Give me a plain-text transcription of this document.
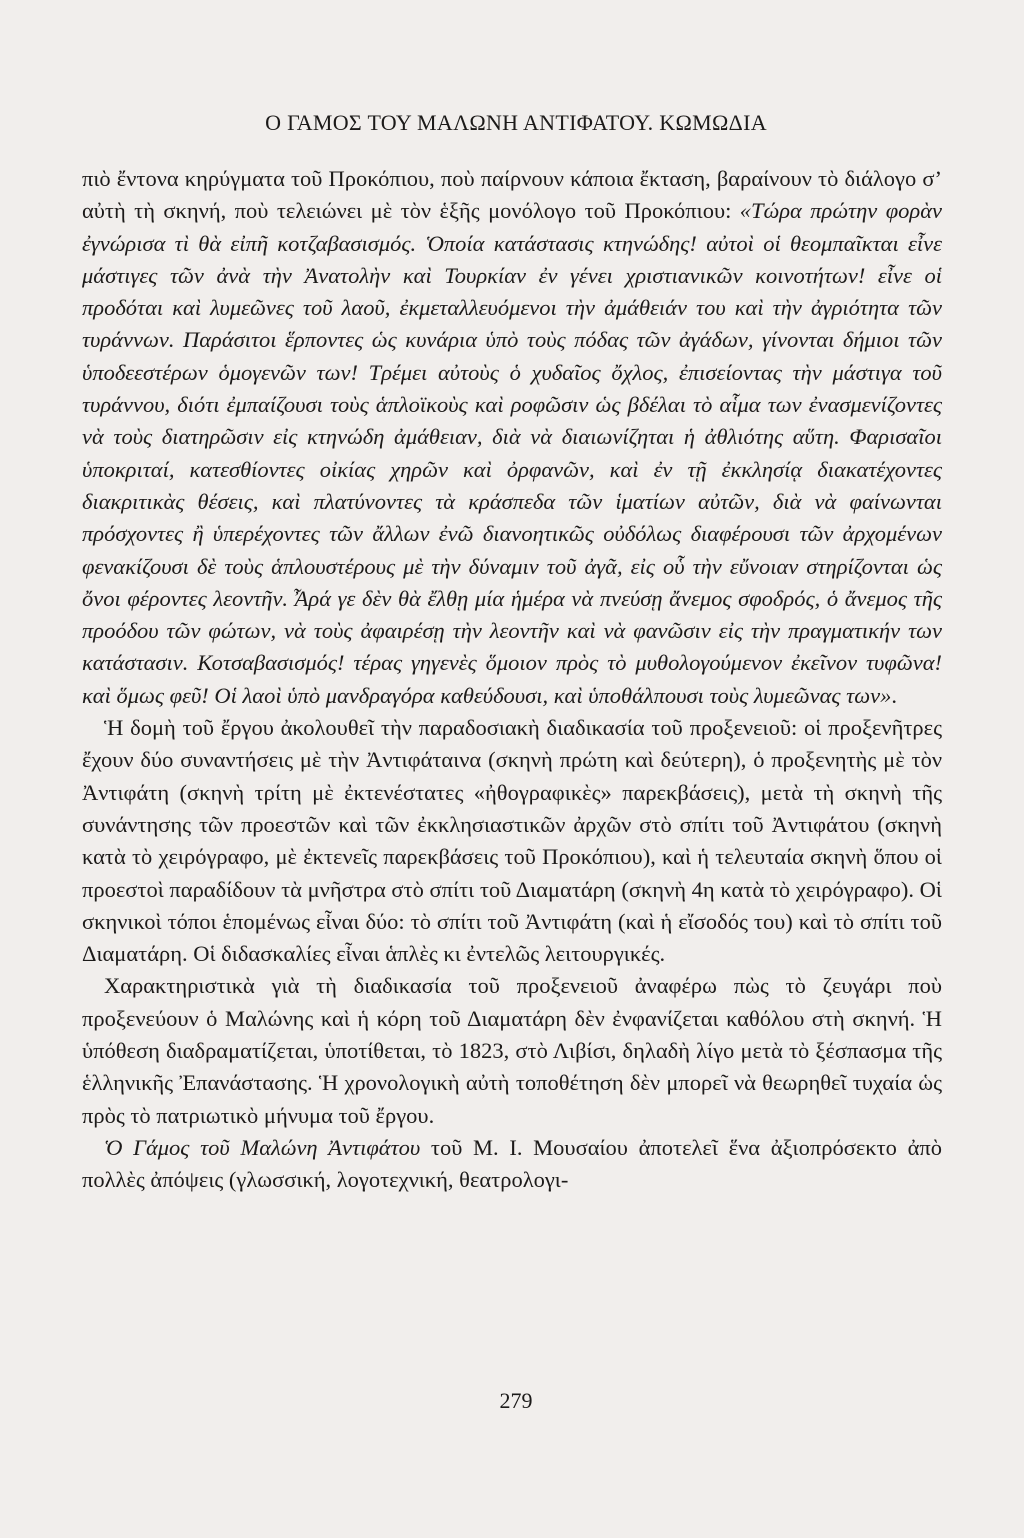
Ο ΓΑΜΟΣ ΤΟΥ ΜΑΛΩΝΗ ΑΝΤΙΦΑΤΟΥ. ΚΩΜΩΔΙΑ

πιὸ ἔντονα κηρύγματα τοῦ Προκόπιου, ποὺ παίρνουν κάποια ἔκταση, βαραίνουν τὸ διάλογο σ’ αὐτὴ τὴ σκηνή, ποὺ τελειώνει μὲ τὸν ἑξῆς μονόλογο τοῦ Προκόπιου: «Τώρα πρώτην φορὰν ἐγνώρισα τὶ θὰ εἰπῆ κοτζαβασισμός. Ὁποία κατάστασις κτηνώδης! αὐτοὶ οἱ θεομπαῖκται εἶνε μάστιγες τῶν ἀνὰ τὴν Ἀνατολὴν καὶ Τουρκίαν ἐν γένει χριστιανικῶν κοινοτήτων! εἶνε οἱ προδόται καὶ λυμεῶνες τοῦ λαοῦ, ἐκμεταλλευόμενοι τὴν ἀμάθειάν του καὶ τὴν ἀγριότητα τῶν τυράννων. Παράσιτοι ἕρποντες ὡς κυνάρια ὑπὸ τοὺς πόδας τῶν ἀγάδων, γίνονται δήμιοι τῶν ὑποδεεστέρων ὁμογενῶν των! Τρέμει αὐτοὺς ὁ χυδαῖος ὄχλος, ἐπισείοντας τὴν μάστιγα τοῦ τυράννου, διότι ἐμπαίζουσι τοὺς ἁπλοϊκοὺς καὶ ροφῶσιν ὡς βδέλαι τὸ αἷμα των ἐνασμενίζοντες νὰ τοὺς διατηρῶσιν εἰς κτηνώδη ἀμάθειαν, διὰ νὰ διαιωνίζηται ἡ ἀθλιότης αὕτη. Φαρισαῖοι ὑποκριταί, κατεσθίοντες οἰκίας χηρῶν καὶ ὀρφανῶν, καὶ ἐν τῇ ἐκκλησίᾳ διακατέχοντες διακριτικὰς θέσεις, καὶ πλατύνοντες τὰ κράσπεδα τῶν ἱματίων αὐτῶν, διὰ νὰ φαίνωνται πρόσχοντες ἢ ὑπερέχοντες τῶν ἄλλων ἐνῶ διανοητικῶς οὐδόλως διαφέρουσι τῶν ἀρχομένων φενακίζουσι δὲ τοὺς ἁπλουστέρους μὲ τὴν δύναμιν τοῦ ἀγᾶ, εἰς οὗ τὴν εὔνοιαν στηρίζονται ὡς ὄνοι φέροντες λεοντῆν. Ἆρά γε δὲν θὰ ἔλθῃ μία ἡμέρα νὰ πνεύσῃ ἄνεμος σφοδρός, ὁ ἄνεμος τῆς προόδου τῶν φώτων, νὰ τοὺς ἀφαιρέσῃ τὴν λεοντῆν καὶ νὰ φανῶσιν εἰς τὴν πραγματικήν των κατάστασιν. Κοτσαβασισμός! τέρας γηγενὲς ὅμοιον πρὸς τὸ μυθολογούμενον ἐκεῖνον τυφῶνα! καὶ ὅμως φεῦ! Οἱ λαοὶ ὑπὸ μανδραγόρα καθεύδουσι, καὶ ὑποθάλπουσι τοὺς λυμεῶνας των».

Ἡ δομὴ τοῦ ἔργου ἀκολουθεῖ τὴν παραδοσιακὴ διαδικασία τοῦ προξενειοῦ: οἱ προξενῆτρες ἔχουν δύο συναντήσεις μὲ τὴν Ἀντιφάταινα (σκηνὴ πρώτη καὶ δεύτερη), ὁ προξενητὴς μὲ τὸν Ἀντιφάτη (σκηνὴ τρίτη μὲ ἐκτενέστατες «ἠθογραφικὲς» παρεκβάσεις), μετὰ τὴ σκηνὴ τῆς συνάντησης τῶν προεστῶν καὶ τῶν ἐκκλησιαστικῶν ἀρχῶν στὸ σπίτι τοῦ Ἀντιφάτου (σκηνὴ κατὰ τὸ χειρόγραφο, μὲ ἐκτενεῖς παρεκβάσεις τοῦ Προκόπιου), καὶ ἡ τελευταία σκηνὴ ὅπου οἱ προεστοὶ παραδίδουν τὰ μνῆστρα στὸ σπίτι τοῦ Διαματάρη (σκηνὴ 4η κατὰ τὸ χειρόγραφο). Οἱ σκηνικοὶ τόποι ἑπομένως εἶναι δύο: τὸ σπίτι τοῦ Ἀντιφάτη (καὶ ἡ εἴσοδός του) καὶ τὸ σπίτι τοῦ Διαματάρη. Οἱ διδασκαλίες εἶναι ἁπλὲς κι ἐντελῶς λειτουργικές.

Χαρακτηριστικὰ γιὰ τὴ διαδικασία τοῦ προξενειοῦ ἀναφέρω πὼς τὸ ζευγάρι ποὺ προξενεύουν ὁ Μαλώνης καὶ ἡ κόρη τοῦ Διαματάρη δὲν ἐνφανίζεται καθόλου στὴ σκηνή. Ἡ ὑπόθεση διαδραματίζεται, ὑποτίθεται, τὸ 1823, στὸ Λιβίσι, δηλαδὴ λίγο μετὰ τὸ ξέσπασμα τῆς ἑλληνικῆς Ἐπανάστασης. Ἡ χρονολογικὴ αὐτὴ τοποθέτηση δὲν μπορεῖ νὰ θεωρηθεῖ τυχαία ὡς πρὸς τὸ πατριωτικὸ μήνυμα τοῦ ἔργου.

Ὁ Γάμος τοῦ Μαλώνη Ἀντιφάτου τοῦ Μ. Ι. Μουσαίου ἀποτελεῖ ἕνα ἀξιοπρόσεκτο ἀπὸ πολλὲς ἀπόψεις (γλωσσική, λογοτεχνική, θεατρολογι-

279
